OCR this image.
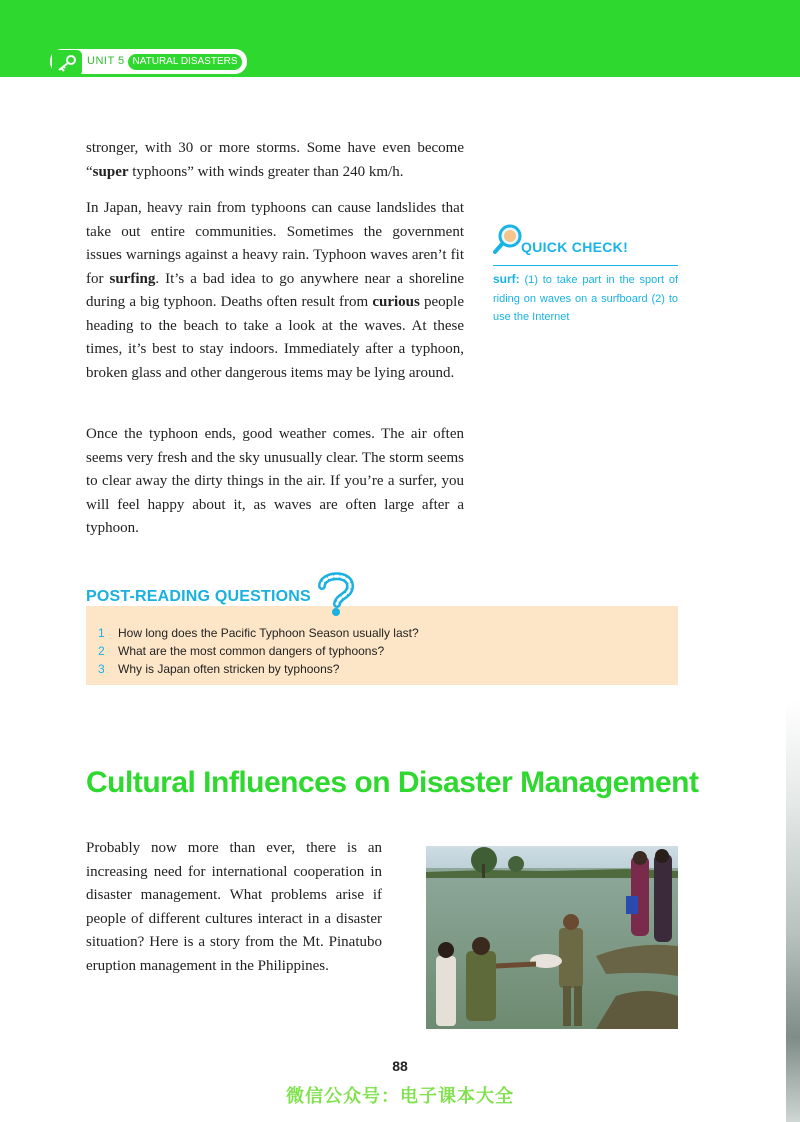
UNIT 5 NATURAL DISASTERS

stronger, with 30 or more storms. Some have even become “super typhoons” with winds greater than 240 km/h.

In Japan, heavy rain from typhoons can cause landslides that take out entire communities. Sometimes the government issues warnings against a heavy rain. Typhoon waves aren’t fit for surfing. It’s a bad idea to go anywhere near a shoreline during a big typhoon. Deaths often result from curious people heading to the beach to take a look at the waves. At these times, it’s best to stay indoors. Immediately after a typhoon, broken glass and other dangerous items may be lying around.

Once the typhoon ends, good weather comes. The air often seems very fresh and the sky unusually clear. The storm seems to clear away the dirty things in the air. If you’re a surfer, you will feel happy about it, as waves are often large after a typhoon.

QUICK CHECK!
surf: (1) to take part in the sport of riding on waves on a surfboard (2) to use the Internet
POST-READING QUESTIONS
1 How long does the Pacific Typhoon Season usually last?
2 What are the most common dangers of typhoons?
3 Why is Japan often stricken by typhoons?
Cultural Influences on Disaster Management

Probably now more than ever, there is an increasing need for international cooperation in disaster management. What problems arise if people of different cultures interact in a disaster situation? Here is a story from the Mt. Pinatubo eruption management in the Philippines.

88
微信公众号：电子课本大全
